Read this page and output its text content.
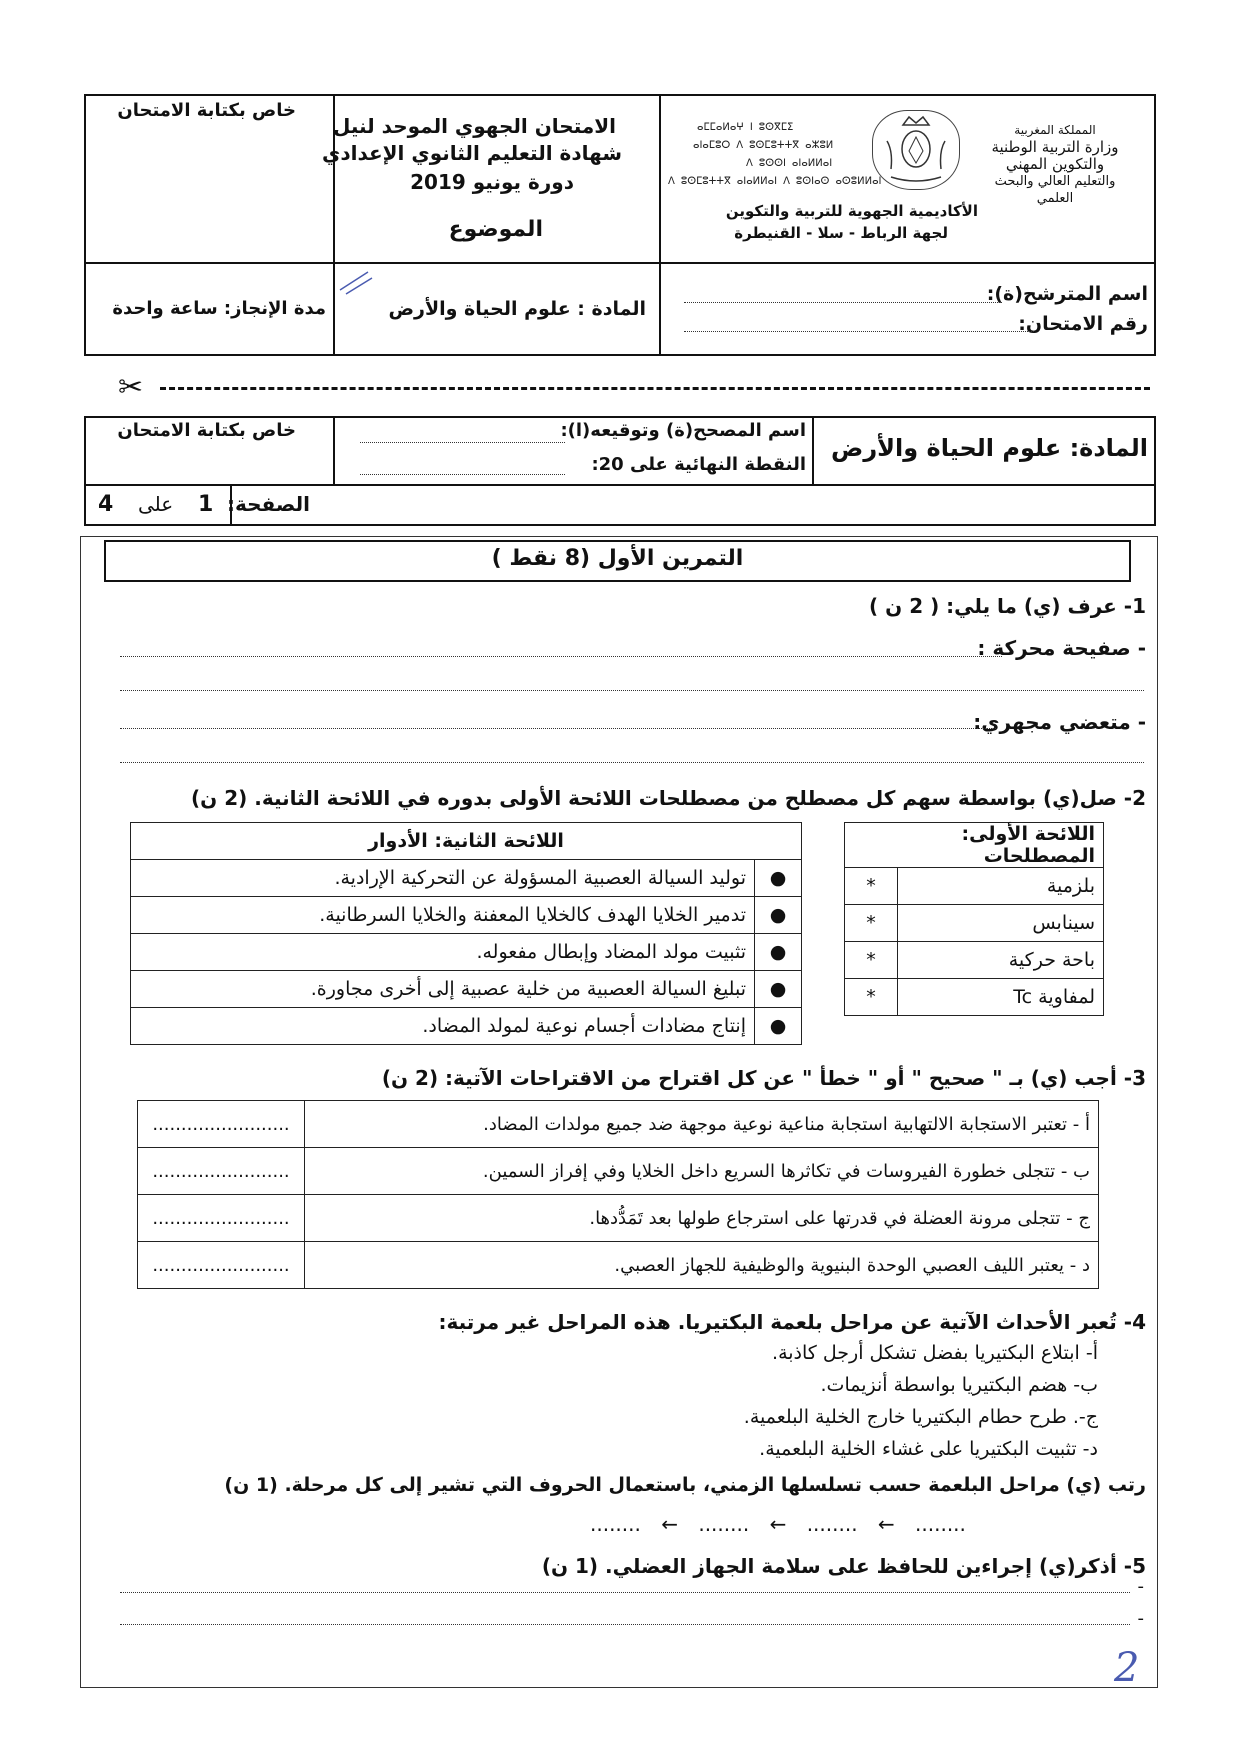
المملكة المغربية
وزارة التربية الوطنية
والتكوين المهني
والتعليم العالي والبحث العلمي
ⴰⵎⵎⴰⵍⴰⵖ ⵏ ⵓⵙⴳⵎⵉ
ⴰⵏⴰⵎⵓⵔ ⴷ ⵓⵙⵎⵓⵜⵜⴳ ⴰⵣⵓⵍ
ⴷ ⵓⵙⵙⵏ ⴰⵏⴰⵍⵍⴰⵏ
ⴷ ⵓⵙⵎⵓⵜⵜⴳ ⴰⵏⴰⵍⵍⴰⵏ ⴷ ⵓⵙⵏⴰⵙ ⴰⵙⵓⵍⵍⴰⵏ
الأكاديمية الجهوية للتربية والتكوين
لجهة الرباط - سلا - القنيطرة
الامتحان الجهوي الموحد لنيل
شهادة التعليم الثانوي الإعدادي
دورة يونيو 2019
الموضوع
خاص بكتابة الامتحان
اسم المترشح(ة):
رقم الامتحان:
المادة : علوم الحياة والأرض
مدة الإنجاز: ساعة واحدة
✂
المادة: علوم الحياة والأرض
اسم المصحح(ة) وتوقيعه(ا):
النقطة النهائية على 20:
خاص بكتابة الامتحان
الصفحة:
1
على
4
التمرين الأول (8 نقط )
1- عرف (ي) ما يلي: ( 2 ن )
- صفيحة محركة :
- متعضي مجهري:
2- صل(ي) بواسطة سهم كل مصطلح من مصطلحات اللائحة الأولى بدوره في اللائحة الثانية. (2 ن)
اللائحة الأولى: المصطلحات	
بلزمية	*
سينابس	*
باحة حركية	*
لمفاوية Tc	*
اللائحة الثانية: الأدوار	
●	توليد السيالة العصبية المسؤولة عن التحركية الإرادية.
●	تدمير الخلايا الهدف كالخلايا المعفنة والخلايا السرطانية.
●	تثبيت مولد المضاد وإبطال مفعوله.
●	تبليغ السيالة العصبية من خلية عصبية إلى أخرى مجاورة.
●	إنتاج مضادات أجسام نوعية لمولد المضاد.
3- أجب (ي) بـ " صحيح " أو " خطأ " عن كل اقتراح من الاقتراحات الآتية: (2 ن)
أ - تعتبر الاستجابة الالتهابية استجابة مناعية نوعية موجهة ضد جميع مولدات المضاد.	........................
ب - تتجلى خطورة الفيروسات في تكاثرها السريع داخل الخلايا وفي إفراز السمين.	........................
ج - تتجلى مرونة العضلة في قدرتها على استرجاع طولها بعد تَمَدُّدها.	........................
د - يعتبر الليف العصبي الوحدة البنيوية والوظيفية للجهاز العصبي.	........................
4- تُعبر الأحداث الآتية عن مراحل بلعمة البكتيريا. هذه المراحل غير مرتبة:
أ- ابتلاع البكتيريا بفضل تشكل أرجل كاذبة.
ب- هضم البكتيريا بواسطة أنزيمات.
ج-. طرح حطام البكتيريا خارج الخلية البلعمية.
د- تثبيت البكتيريا على غشاء الخلية البلعمية.
رتب (ي) مراحل البلعمة حسب تسلسلها الزمني، باستعمال الحروف التي تشير إلى كل مرحلة. (1 ن)
........ ← ........ ← ........ ← ........
5- أذكر(ي) إجراءين للحافظ على سلامة الجهاز العضلي. (1 ن)
-
-
2
